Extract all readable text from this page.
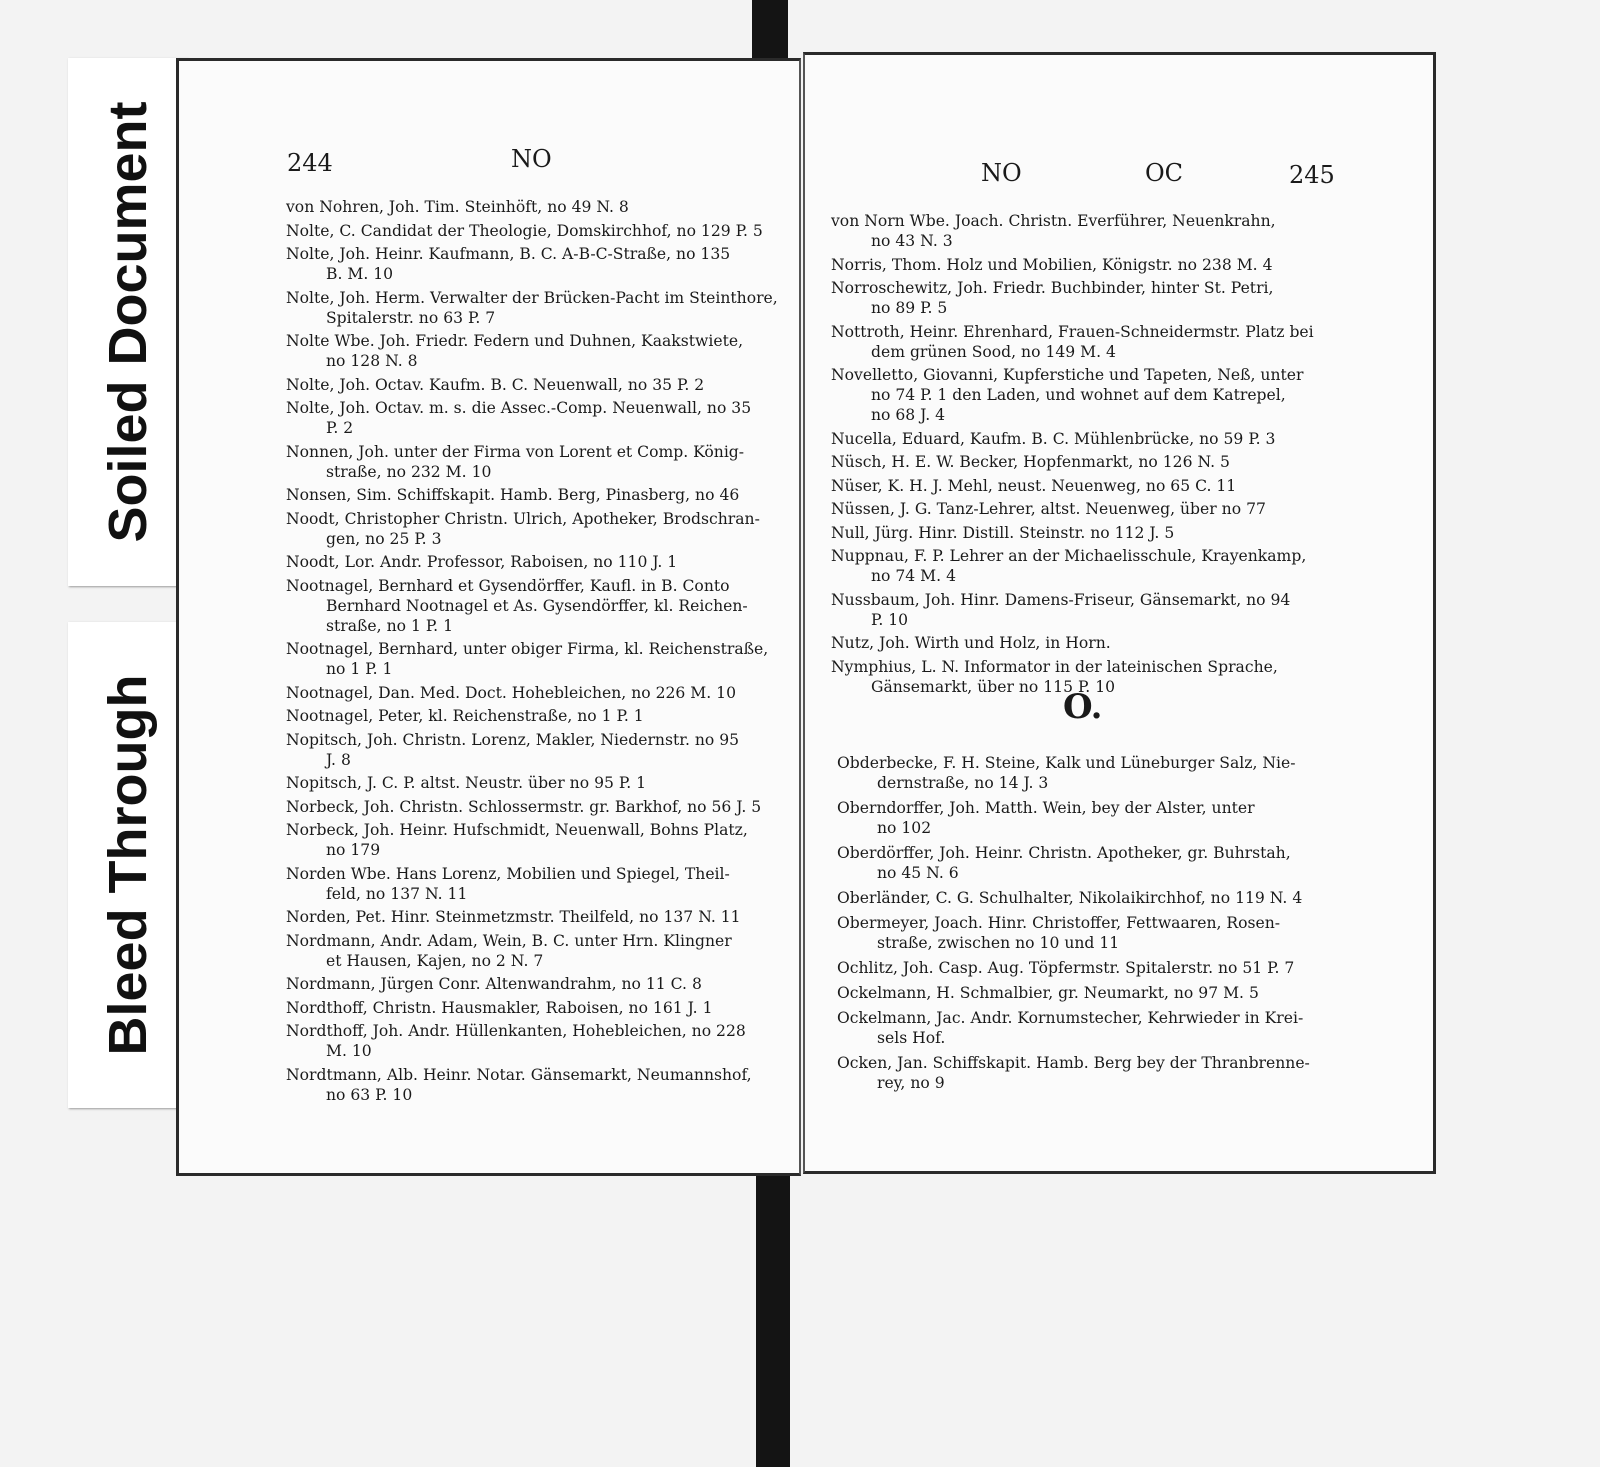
Soiled Document
Bleed Through
244	NO
von Nohren, Joh. Tim. Steinhöft, no 49 N. 8
Nolte, C. Candidat der Theologie, Domskirchhof, no 129 P. 5
Nolte, Joh. Heinr. Kaufmann, B. C. A-B-C-Straße, no 135
B. M. 10
Nolte, Joh. Herm. Verwalter der Brücken-Pacht im Steinthore,
Spitalerstr. no 63 P. 7
Nolte Wbe. Joh. Friedr. Federn und Duhnen, Kaakstwiete,
no 128 N. 8
Nolte, Joh. Octav. Kaufm. B. C. Neuenwall, no 35 P. 2
Nolte, Joh. Octav. m. s. die Assec.-Comp. Neuenwall, no 35
P. 2
Nonnen, Joh. unter der Firma von Lorent et Comp. König-
straße, no 232 M. 10
Nonsen, Sim. Schiffskapit. Hamb. Berg, Pinasberg, no 46
Noodt, Christopher Christn. Ulrich, Apotheker, Brodschran-
gen, no 25 P. 3
Noodt, Lor. Andr. Professor, Raboisen, no 110 J. 1
Nootnagel, Bernhard et Gysendörffer, Kaufl. in B. Conto
Bernhard Nootnagel et As. Gysendörffer, kl. Reichen-
straße, no 1 P. 1
Nootnagel, Bernhard, unter obiger Firma, kl. Reichenstraße,
no 1 P. 1
Nootnagel, Dan. Med. Doct. Hohebleichen, no 226 M. 10
Nootnagel, Peter, kl. Reichenstraße, no 1 P. 1
Nopitsch, Joh. Christn. Lorenz, Makler, Niedernstr. no 95
J. 8
Nopitsch, J. C. P. altst. Neustr. über no 95 P. 1
Norbeck, Joh. Christn. Schlossermstr. gr. Barkhof, no 56 J. 5
Norbeck, Joh. Heinr. Hufschmidt, Neuenwall, Bohns Platz,
no 179
Norden Wbe. Hans Lorenz, Mobilien und Spiegel, Theil-
feld, no 137 N. 11
Norden, Pet. Hinr. Steinmetzmstr. Theilfeld, no 137 N. 11
Nordmann, Andr. Adam, Wein, B. C. unter Hrn. Klingner
et Hausen, Kajen, no 2 N. 7
Nordmann, Jürgen Conr. Altenwandrahm, no 11 C. 8
Nordthoff, Christn. Hausmakler, Raboisen, no 161 J. 1
Nordthoff, Joh. Andr. Hüllenkanten, Hohebleichen, no 228
M. 10
Nordtmann, Alb. Heinr. Notar. Gänsemarkt, Neumannshof,
no 63 P. 10
NO	OC	245
von Norn Wbe. Joach. Christn. Everführer, Neuenkrahn,
no 43 N. 3
Norris, Thom. Holz und Mobilien, Königstr. no 238 M. 4
Norroschewitz, Joh. Friedr. Buchbinder, hinter St. Petri,
no 89 P. 5
Nottroth, Heinr. Ehrenhard, Frauen-Schneidermstr. Platz bei
dem grünen Sood, no 149 M. 4
Novelletto, Giovanni, Kupferstiche und Tapeten, Neß, unter
no 74 P. 1 den Laden, und wohnet auf dem Katrepel,
no 68 J. 4
Nucella, Eduard, Kaufm. B. C. Mühlenbrücke, no 59 P. 3
Nüsch, H. E. W. Becker, Hopfenmarkt, no 126 N. 5
Nüser, K. H. J. Mehl, neust. Neuenweg, no 65 C. 11
Nüssen, J. G. Tanz-Lehrer, altst. Neuenweg, über no 77
Null, Jürg. Hinr. Distill. Steinstr. no 112 J. 5
Nuppnau, F. P. Lehrer an der Michaelisschule, Krayenkamp,
no 74 M. 4
Nussbaum, Joh. Hinr. Damens-Friseur, Gänsemarkt, no 94
P. 10
Nutz, Joh. Wirth und Holz, in Horn.
Nymphius, L. N. Informator in der lateinischen Sprache,
Gänsemarkt, über no 115 P. 10
O.
Obderbecke, F. H. Steine, Kalk und Lüneburger Salz, Nie-
dernstraße, no 14 J. 3
Oberndorffer, Joh. Matth. Wein, bey der Alster, unter
no 102
Oberdörffer, Joh. Heinr. Christn. Apotheker, gr. Buhrstah,
no 45 N. 6
Oberländer, C. G. Schulhalter, Nikolaikirchhof, no 119 N. 4
Obermeyer, Joach. Hinr. Christoffer, Fettwaaren, Rosen-
straße, zwischen no 10 und 11
Ochlitz, Joh. Casp. Aug. Töpfermstr. Spitalerstr. no 51 P. 7
Ockelmann, H. Schmalbier, gr. Neumarkt, no 97 M. 5
Ockelmann, Jac. Andr. Kornumstecher, Kehrwieder in Krei-
sels Hof.
Ocken, Jan. Schiffskapit. Hamb. Berg bey der Thranbrenne-
rey, no 9
